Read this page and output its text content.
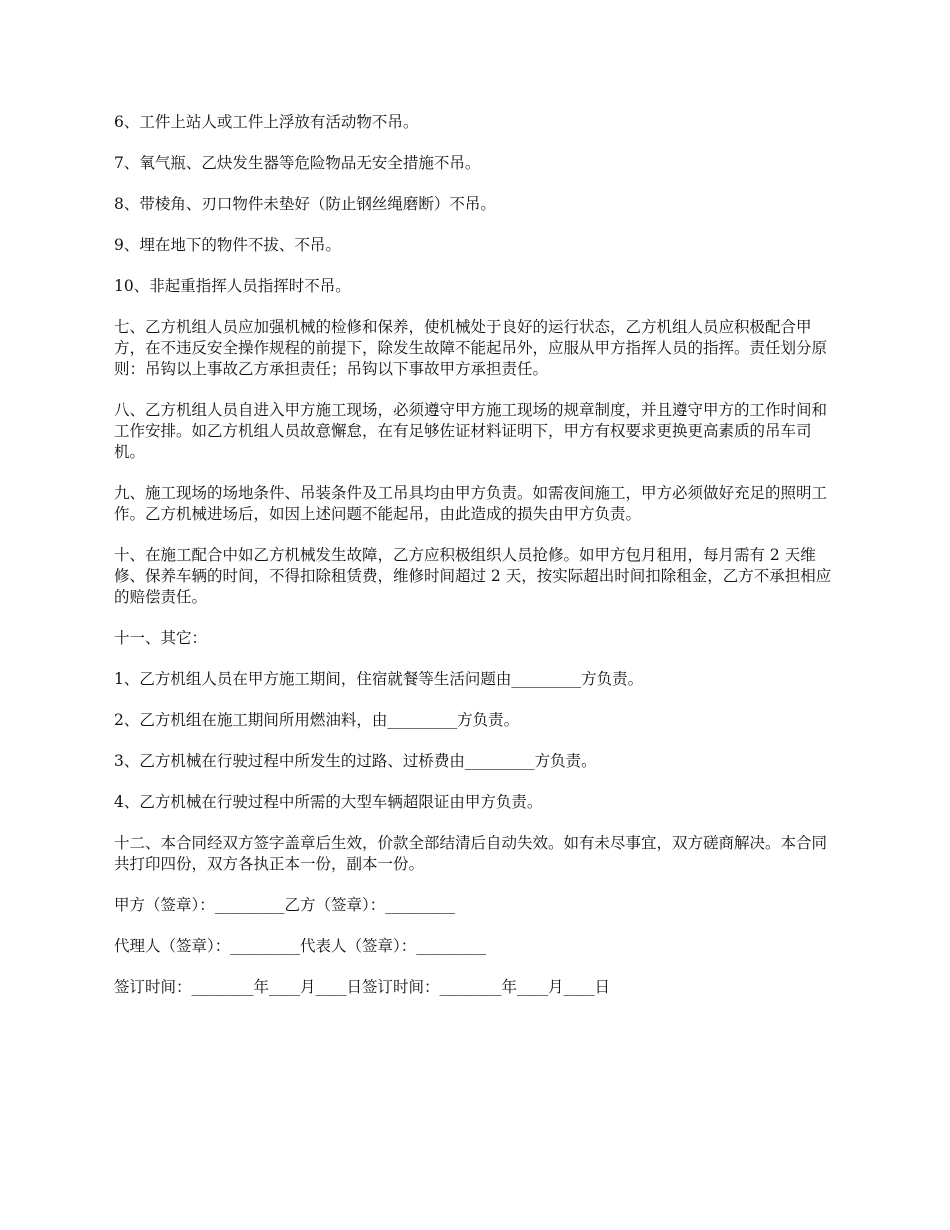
6、工件上站人或工件上浮放有活动物不吊。

7、氧气瓶、乙炔发生器等危险物品无安全措施不吊。

8、带棱角、刃口物件未垫好（防止钢丝绳磨断）不吊。

9、埋在地下的物件不拔、不吊。

10、非起重指挥人员指挥时不吊。

七、乙方机组人员应加强机械的检修和保养，使机械处于良好的运行状态，乙方机组人员应积极配合甲方，在不违反安全操作规程的前提下，除发生故障不能起吊外，应服从甲方指挥人员的指挥。责任划分原则：吊钩以上事故乙方承担责任；吊钩以下事故甲方承担责任。

八、乙方机组人员自进入甲方施工现场，必须遵守甲方施工现场的规章制度，并且遵守甲方的工作时间和工作安排。如乙方机组人员故意懈怠，在有足够佐证材料证明下，甲方有权要求更换更高素质的吊车司机。

九、施工现场的场地条件、吊装条件及工吊具均由甲方负责。如需夜间施工，甲方必须做好充足的照明工作。乙方机械进场后，如因上述问题不能起吊，由此造成的损失由甲方负责。

十、在施工配合中如乙方机械发生故障，乙方应积极组织人员抢修。如甲方包月租用，每月需有 2 天维修、保养车辆的时间，不得扣除租赁费，维修时间超过 2 天，按实际超出时间扣除租金，乙方不承担相应的赔偿责任。

十一、其它：

1、乙方机组人员在甲方施工期间，住宿就餐等生活问题由_________方负责。

2、乙方机组在施工期间所用燃油料，由_________方负责。

3、乙方机械在行驶过程中所发生的过路、过桥费由_________方负责。

4、乙方机械在行驶过程中所需的大型车辆超限证由甲方负责。

十二、本合同经双方签字盖章后生效，价款全部结清后自动失效。如有未尽事宜，双方磋商解决。本合同共打印四份，双方各执正本一份，副本一份。

甲方（签章）：_________乙方（签章）：_________

代理人（签章）：_________代表人（签章）：_________

签订时间：________年____月____日签订时间：________年____月____日
